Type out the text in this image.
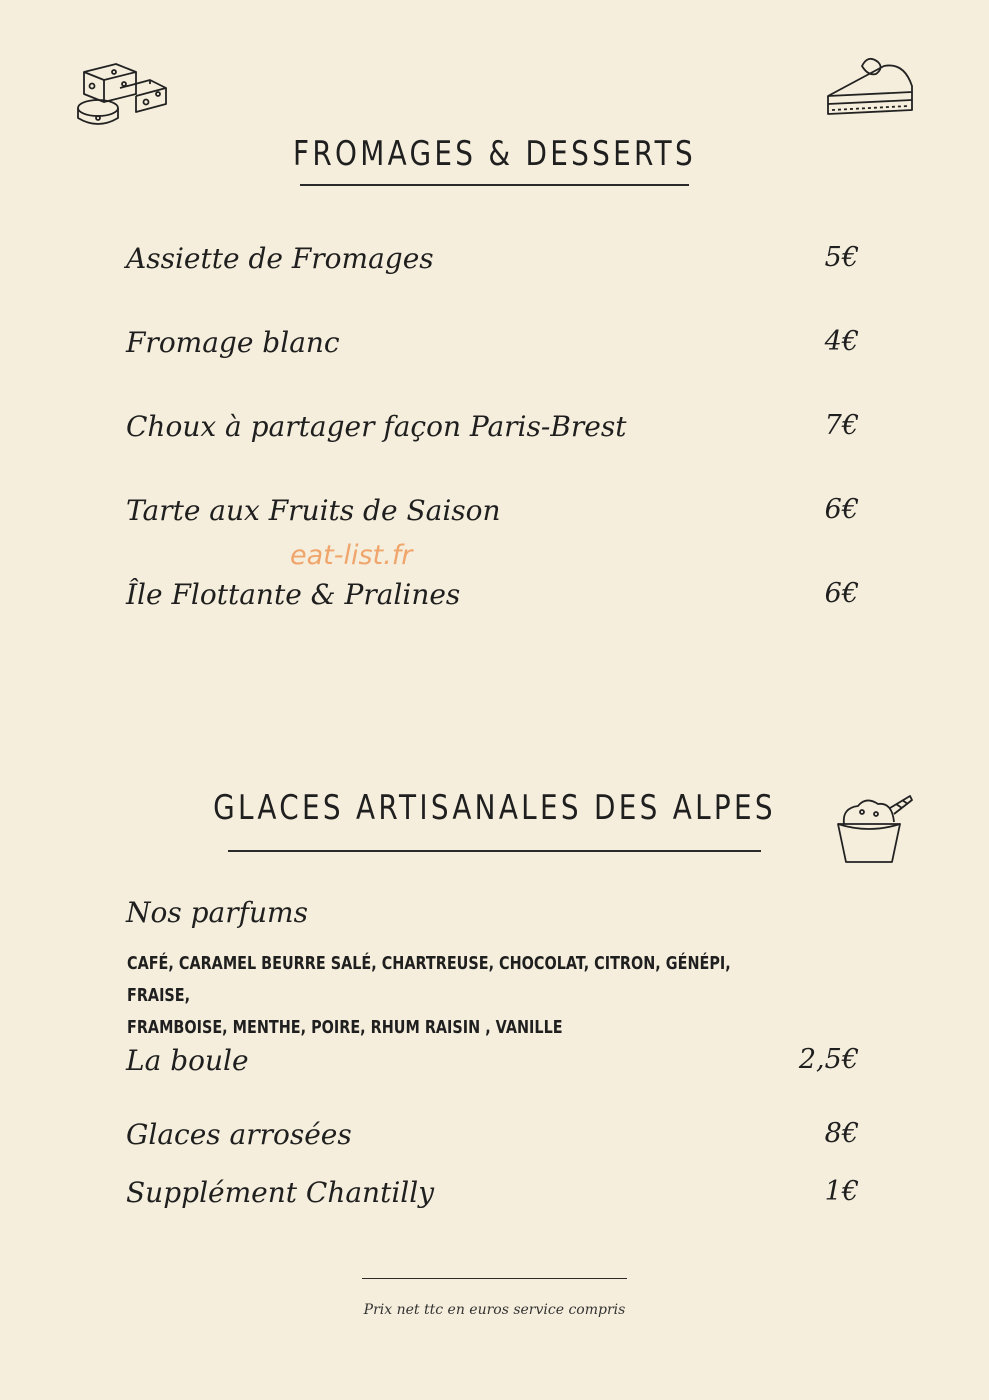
FROMAGES & DESSERTS
Assiette de Fromages	5€
Fromage blanc	4€
Choux à partager façon Paris-Brest	7€
Tarte aux Fruits de Saison	6€
eat-list.fr
Île Flottante & Pralines	6€
GLACES ARTISANALES DES ALPES
Nos parfums
CAFÉ, CARAMEL BEURRE SALÉ, CHARTREUSE, CHOCOLAT, CITRON, GÉNÉPI, FRAISE,
FRAMBOISE, MENTHE, POIRE, RHUM RAISIN , VANILLE
La boule	2,5€
Glaces arrosées	8€
Supplément Chantilly	1€
Prix net ttc en euros service compris
